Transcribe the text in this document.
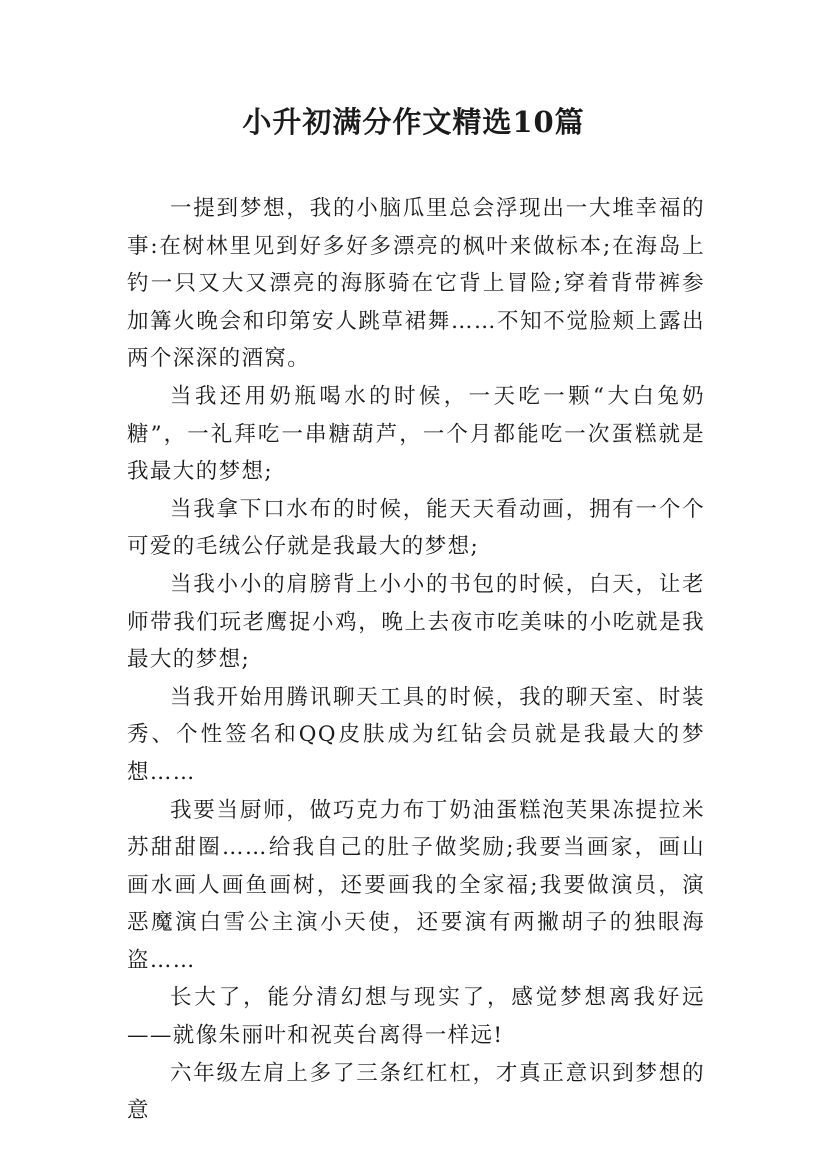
小升初满分作文精选10篇

一提到梦想，我的小脑瓜里总会浮现出一大堆幸福的事:在树林里见到好多好多漂亮的枫叶来做标本;在海岛上钓一只又大又漂亮的海豚骑在它背上冒险;穿着背带裤参加篝火晚会和印第安人跳草裙舞……不知不觉脸颊上露出两个深深的酒窝。

当我还用奶瓶喝水的时候，一天吃一颗“大白兔奶糖”，一礼拜吃一串糖葫芦，一个月都能吃一次蛋糕就是我最大的梦想;

当我拿下口水布的时候，能天天看动画，拥有一个个可爱的毛绒公仔就是我最大的梦想;

当我小小的肩膀背上小小的书包的时候，白天，让老师带我们玩老鹰捉小鸡，晚上去夜市吃美味的小吃就是我最大的梦想;

当我开始用腾讯聊天工具的时候，我的聊天室、时装秀、个性签名和QQ皮肤成为红钻会员就是我最大的梦想……

我要当厨师，做巧克力布丁奶油蛋糕泡芙果冻提拉米苏甜甜圈……给我自己的肚子做奖励;我要当画家，画山画水画人画鱼画树，还要画我的全家福;我要做演员，演恶魔演白雪公主演小天使，还要演有两撇胡子的独眼海盗……

长大了，能分清幻想与现实了，感觉梦想离我好远——就像朱丽叶和祝英台离得一样远!

六年级左肩上多了三条红杠杠，才真正意识到梦想的意
